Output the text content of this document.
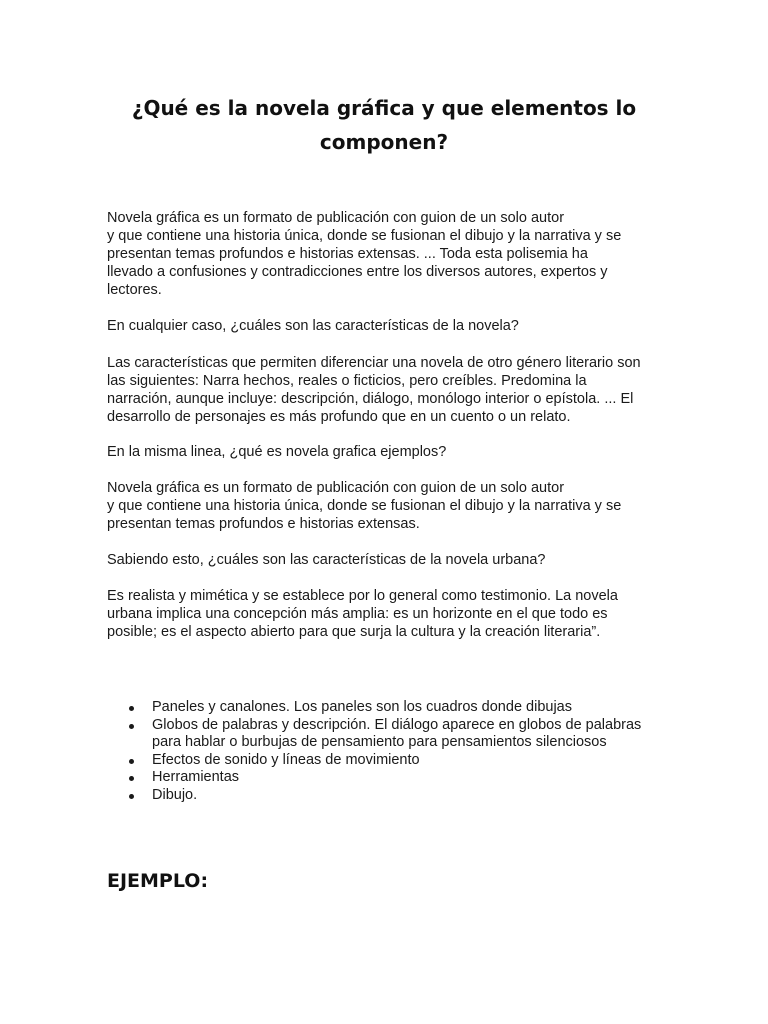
¿Qué es la novela gráfica y que elementos lo
componen?

Novela gráfica es un formato de publicación con guion de un solo autor
y que contiene una historia única, donde se fusionan el dibujo y la narrativa y se
presentan temas profundos e historias extensas. ... Toda esta polisemia ha
llevado a confusiones y contradicciones entre los diversos autores, expertos y
lectores.

En cualquier caso, ¿cuáles son las características de la novela?

Las características que permiten diferenciar una novela de otro género literario son
las siguientes: Narra hechos, reales o ficticios, pero creíbles. Predomina la
narración, aunque incluye: descripción, diálogo, monólogo interior o epístola. ... El
desarrollo de personajes es más profundo que en un cuento o un relato.

En la misma linea, ¿qué es novela grafica ejemplos?

Novela gráfica es un formato de publicación con guion de un solo autor
y que contiene una historia única, donde se fusionan el dibujo y la narrativa y se
presentan temas profundos e historias extensas.

Sabiendo esto, ¿cuáles son las características de la novela urbana?

Es realista y mimética y se establece por lo general como testimonio. La novela
urbana implica una concepción más amplia: es un horizonte en el que todo es
posible; es el aspecto abierto para que surja la cultura y la creación literaria”.

Paneles y canalones. Los paneles son los cuadros donde dibujas
Globos de palabras y descripción. El diálogo aparece en globos de palabras
para hablar o burbujas de pensamiento para pensamientos silenciosos
Efectos de sonido y líneas de movimiento
Herramientas
Dibujo.
EJEMPLO:
